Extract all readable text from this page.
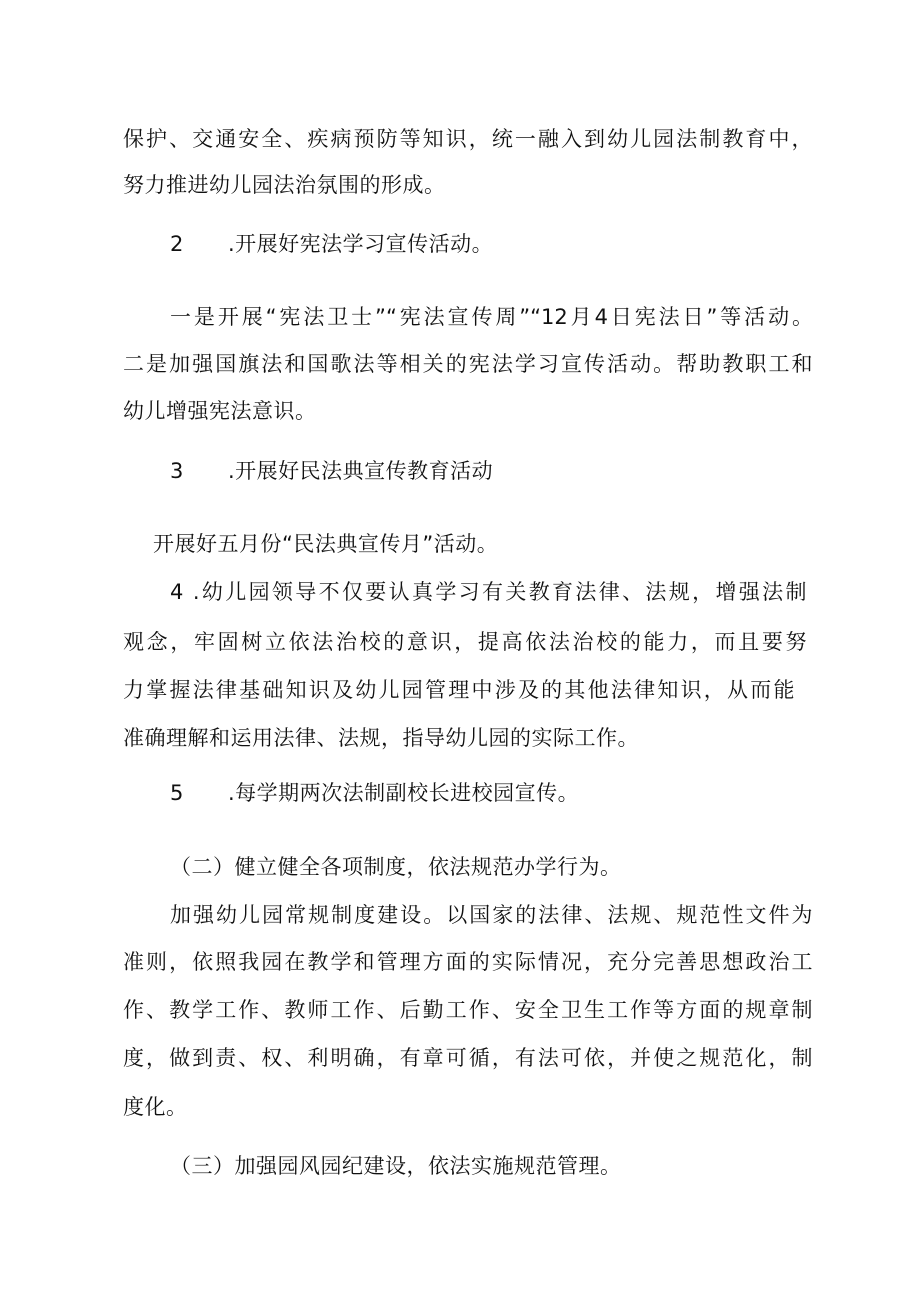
保护、交通安全、疾病预防等知识，统一融入到幼儿园法制教育中，
努力推进幼儿园法治氛围的形成。
2 .开展好宪法学习宣传活动。
一是开展“宪法卫士”“宪法宣传周”“12月4日宪法日”等活动。
二是加强国旗法和国歌法等相关的宪法学习宣传活动。帮助教职工和
幼儿增强宪法意识。
3 .开展好民法典宣传教育活动
开展好五月份“民法典宣传月”活动。
4 .幼儿园领导不仅要认真学习有关教育法律、法规，增强法制
观念，牢固树立依法治校的意识，提高依法治校的能力，而且要努
力掌握法律基础知识及幼儿园管理中涉及的其他法律知识，从而能
准确理解和运用法律、法规，指导幼儿园的实际工作。
5 .每学期两次法制副校长进校园宣传。
（二）健立健全各项制度，依法规范办学行为。
加强幼儿园常规制度建设。以国家的法律、法规、规范性文件为
准则，依照我园在教学和管理方面的实际情况，充分完善思想政治工
作、教学工作、教师工作、后勤工作、安全卫生工作等方面的规章制
度，做到责、权、利明确，有章可循，有法可依，并使之规范化，制
度化。
（三）加强园风园纪建设，依法实施规范管理。
